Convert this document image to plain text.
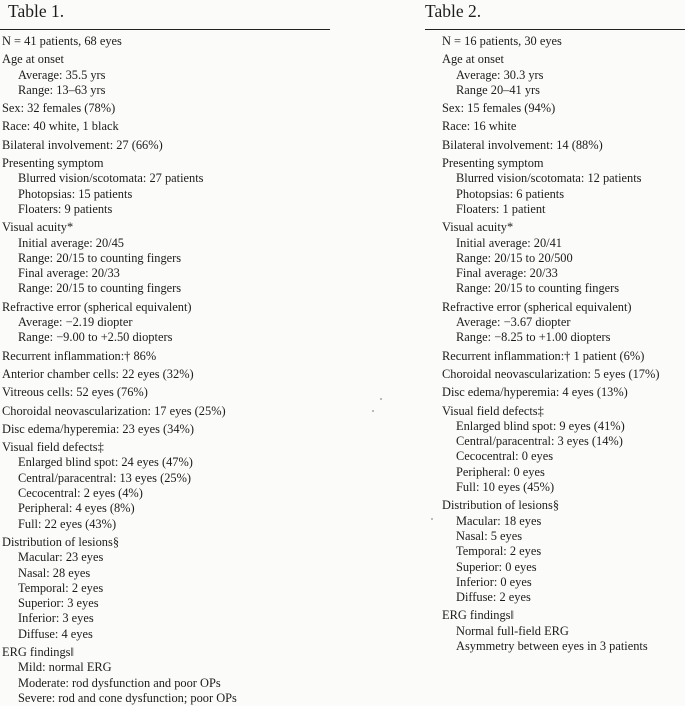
Table 1.
N = 41 patients, 68 eyes
Age at onset
Average: 35.5 yrs
Range: 13–63 yrs
Sex: 32 females (78%)
Race: 40 white, 1 black
Bilateral involvement: 27 (66%)
Presenting symptom
Blurred vision/scotomata: 27 patients
Photopsias: 15 patients
Floaters: 9 patients
Visual acuity*
Initial average: 20/45
Range: 20/15 to counting fingers
Final average: 20/33
Range: 20/15 to counting fingers
Refractive error (spherical equivalent)
Average: −2.19 diopter
Range: −9.00 to +2.50 diopters
Recurrent inflammation:† 86%
Anterior chamber cells: 22 eyes (32%)
Vitreous cells: 52 eyes (76%)
Choroidal neovascularization: 17 eyes (25%)
Disc edema/hyperemia: 23 eyes (34%)
Visual field defects‡
Enlarged blind spot: 24 eyes (47%)
Central/paracentral: 13 eyes (25%)
Cecocentral: 2 eyes (4%)
Peripheral: 4 eyes (8%)
Full: 22 eyes (43%)
Distribution of lesions§
Macular: 23 eyes
Nasal: 28 eyes
Temporal: 2 eyes
Superior: 3 eyes
Inferior: 3 eyes
Diffuse: 4 eyes
ERG findings‖
Mild: normal ERG
Moderate: rod dysfunction and poor OPs
Severe: rod and cone dysfunction; poor OPs
Table 2.
N = 16 patients, 30 eyes
Age at onset
Average: 30.3 yrs
Range 20–41 yrs
Sex: 15 females (94%)
Race: 16 white
Bilateral involvement: 14 (88%)
Presenting symptom
Blurred vision/scotomata: 12 patients
Photopsias: 6 patients
Floaters: 1 patient
Visual acuity*
Initial average: 20/41
Range: 20/15 to 20/500
Final average: 20/33
Range: 20/15 to counting fingers
Refractive error (spherical equivalent)
Average: −3.67 diopter
Range: −8.25 to +1.00 diopters
Recurrent inflammation:† 1 patient (6%)
Choroidal neovascularization: 5 eyes (17%)
Disc edema/hyperemia: 4 eyes (13%)
Visual field defects‡
Enlarged blind spot: 9 eyes (41%)
Central/paracentral: 3 eyes (14%)
Cecocentral: 0 eyes
Peripheral: 0 eyes
Full: 10 eyes (45%)
Distribution of lesions§
Macular: 18 eyes
Nasal: 5 eyes
Temporal: 2 eyes
Superior: 0 eyes
Inferior: 0 eyes
Diffuse: 2 eyes
ERG findings‖
Normal full-field ERG
Asymmetry between eyes in 3 patients
